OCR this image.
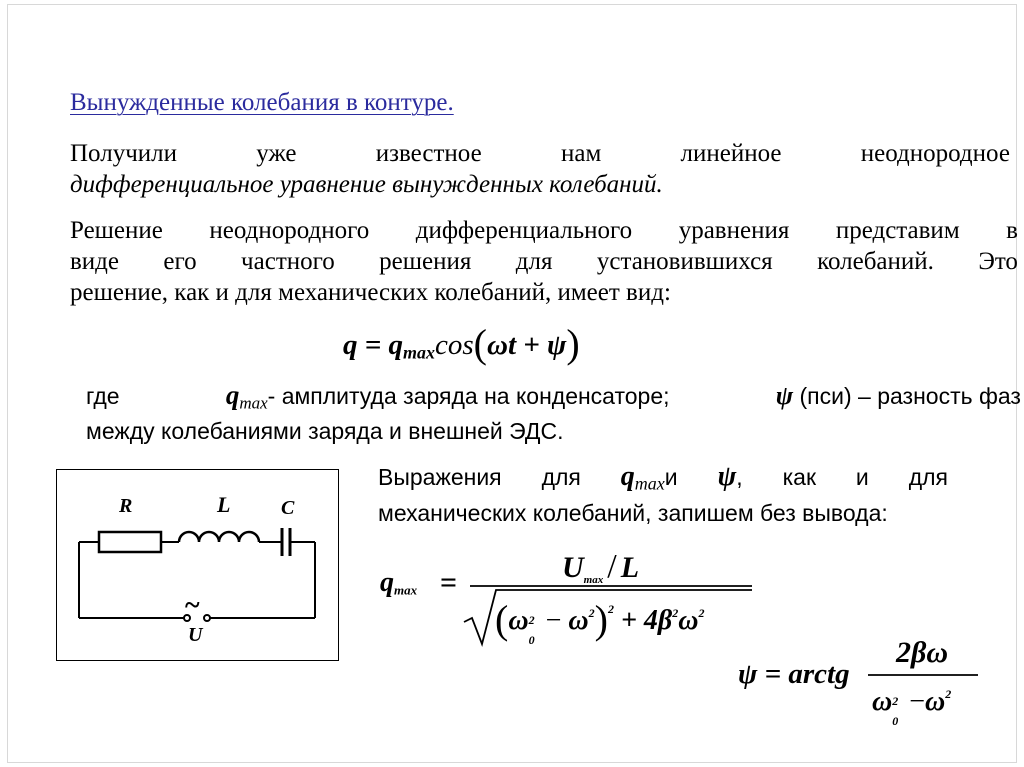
Вынужденные колебания в контуре.
Получили	уже	известное	нам	линейное	неоднородное
дифференциальное уравнение вынужденных колебаний.
Решение неоднородного дифференциального уравнения представим в
виде его частного решения для установившихся колебаний. Это
решение, как и для механических колебаний, имеет вид:
$q = q_{max}\cos(\omega t + \psi)$
где	$q_{max}-$ амплитуда заряда на конденсаторе;	ψ (пси) – разность фаз
между колебаниями заряда и внешней ЭДС.
R	L	C
~
U
Выражения для $q_{max}и$ ψ, как и для
механических колебаний, запишем без вывода:
$q_{max}$ =	$U_{max}$ / L
(ω 2
0
− $\omega^2)^2 + 4\beta^2\omega^2$
ψ = arctg
2βω
ω 2
0
$-\omega^2$
